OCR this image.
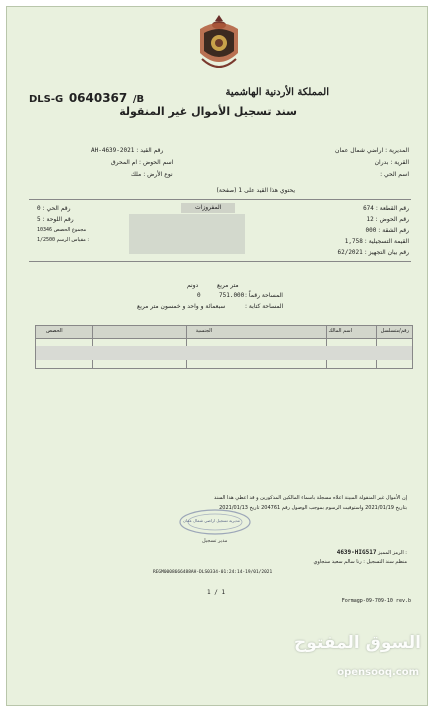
DLS-G 0640367 /B
المملكة الأردنية الهاشمية
سند تسجيل الأموال غير المنقولة
المديرية : اراضي شمال عمان
القرية : بدران
اسم الحي :
رقم القيد : 2021-AH-4639
اسم الحوض : ام المحرق
نوع الأرض : ملك
يحتوي هذا القيد على 1 (صفحة)
المفروزات
رقم الحي : 0
رقم اللوحة : 5
10346 مجموع الحصص
1/2500 مقياس الرسم :
رقم القطعة : 674
رقم الحوض : 12
رقم الشقة : 000
القيمة التسجيلية : 1,758
رقم بيان التجهيز : 62/2021
متر مربع
دونم
المساحة رقماً :
751.000
0
المساحة كتابة :
سبعمائة و واحد و خمسون متر مربع
رقم/متسلسل
اسم المالك
الجنسية
الحصص
إن الأموال غير المنقولة المبينة اعلاه مسجلة باسماء المالكين المذكورين و قد اعطي هذا السند
بتاريخ 2021/01/19 واستوفيت الرسوم بموجب الوصول رقم 204761 تاريخ 2021/01/13
مديرية تسجيل اراضي شمال عمان
مدير تسجيل
4639-HIG517 الرمز المميز :
منظم سند التسجيل : رنا سالم سعيد سنجاوي
REGM0008666488AH-DLS0334-01:24:14-19/01/2021
1 / 1
Formagp-09-709-10 rev.b
السوق المفتوح
opensooq.com
